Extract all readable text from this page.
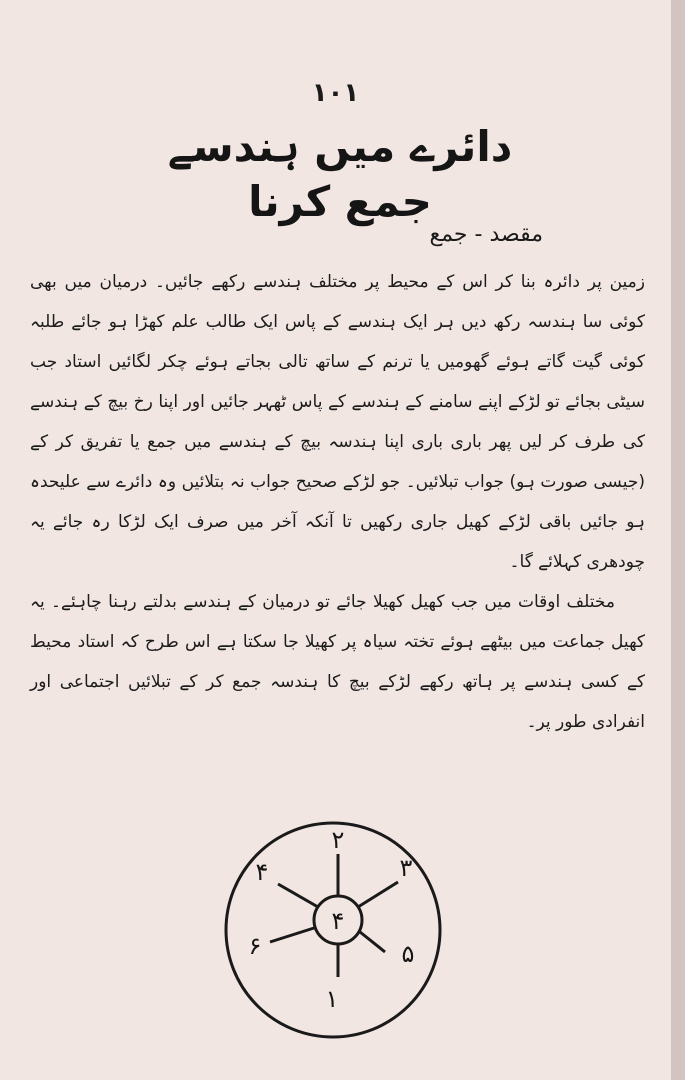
۱۰۱
دائرے میں ہندسے جمع کرنا
مقصد - جمع

زمین پر دائرہ بنا کر اس کے محیط پر مختلف ہندسے رکھے جائیں۔ درمیان میں بھی کوئی سا ہندسہ رکھ دیں ہر ایک ہندسے کے پاس ایک طالب علم کھڑا ہو جائے طلبہ کوئی گیت گاتے ہوئے گھومیں یا ترنم کے ساتھ تالی بجاتے ہوئے چکر لگائیں استاد جب سیٹی بجائے تو لڑکے اپنے سامنے کے ہندسے کے پاس ٹھہر جائیں اور اپنا رخ بیچ کے ہندسے کی طرف کر لیں پھر باری باری اپنا ہندسہ بیچ کے ہندسے میں جمع یا تفریق کر کے (جیسی صورت ہو) جواب تبلائیں۔ جو لڑکے صحیح جواب نہ بتلائیں وہ دائرے سے علیحدہ ہو جائیں باقی لڑکے کھیل جاری رکھیں تا آنکہ آخر میں صرف ایک لڑکا رہ جائے یہ چودھری کہلائے گا۔

مختلف اوقات میں جب کھیل کھیلا جائے تو درمیان کے ہندسے بدلتے رہنا چاہئے۔ یہ کھیل جماعت میں بیٹھے ہوئے تختہ سیاہ پر کھیلا جا سکتا ہے اس طرح کہ استاد محیط کے کسی ہندسے پر ہاتھ رکھے لڑکے بیچ کا ہندسہ جمع کر کے تبلائیں اجتماعی اور انفرادی طور پر۔

۴
۲
۳
۵
۱
۶
۴
